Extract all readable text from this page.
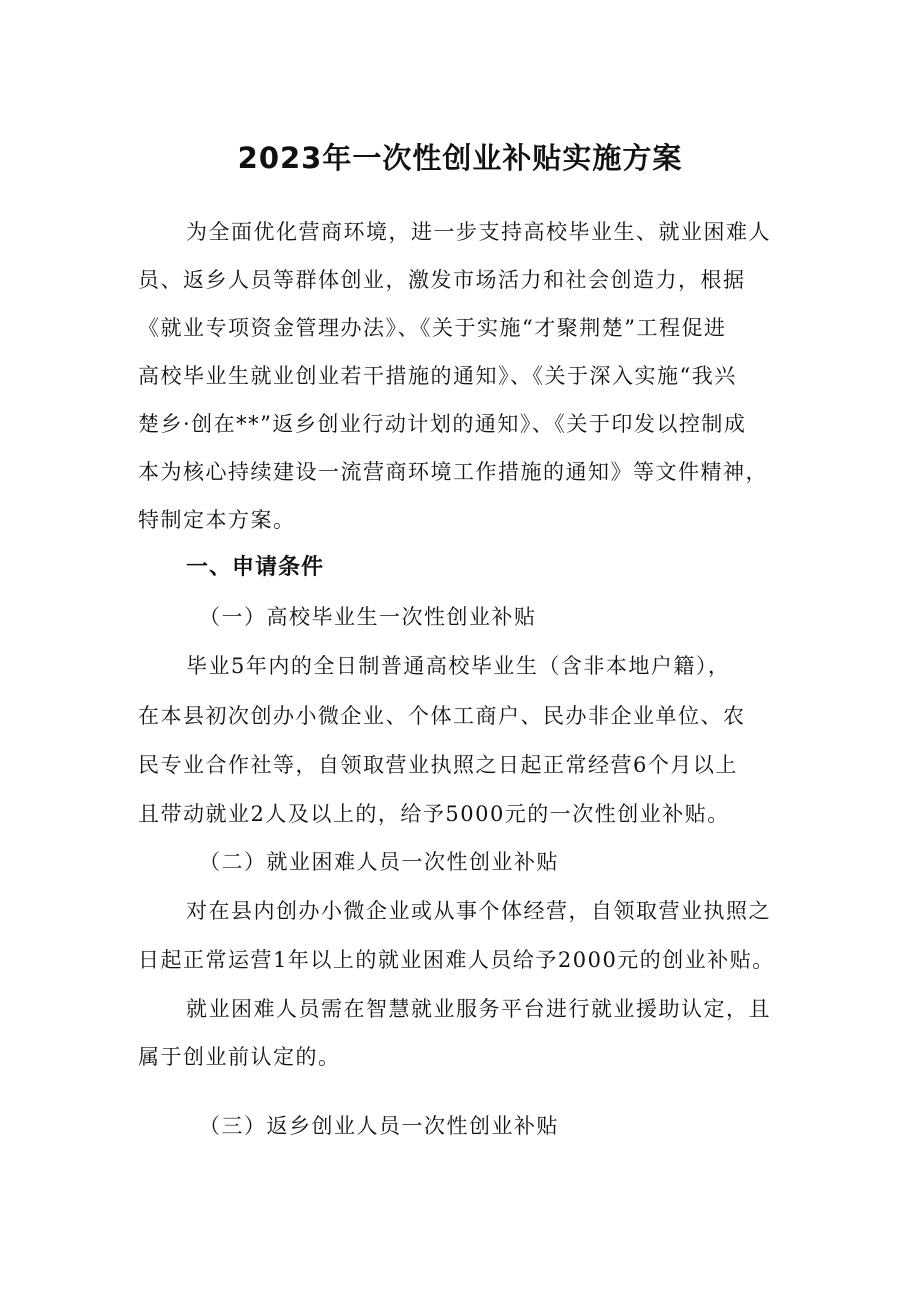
2023年一次性创业补贴实施方案

为全面优化营商环境，进一步支持高校毕业生、就业困难人

员、返乡人员等群体创业，激发市场活力和社会创造力，根据

《就业专项资金管理办法》、《关于实施“才聚荆楚”工程促进

高校毕业生就业创业若干措施的通知》、《关于深入实施“我兴

楚乡·创在**”返乡创业行动计划的通知》、《关于印发以控制成

本为核心持续建设一流营商环境工作措施的通知》等文件精神，

特制定本方案。

一、申请条件

（一）高校毕业生一次性创业补贴

毕业5年内的全日制普通高校毕业生（含非本地户籍），

在本县初次创办小微企业、个体工商户、民办非企业单位、农

民专业合作社等，自领取营业执照之日起正常经营6个月以上

且带动就业2人及以上的，给予5000元的一次性创业补贴。

（二）就业困难人员一次性创业补贴

对在县内创办小微企业或从事个体经营，自领取营业执照之

日起正常运营1年以上的就业困难人员给予2000元的创业补贴。

就业困难人员需在智慧就业服务平台进行就业援助认定，且

属于创业前认定的。

（三）返乡创业人员一次性创业补贴
